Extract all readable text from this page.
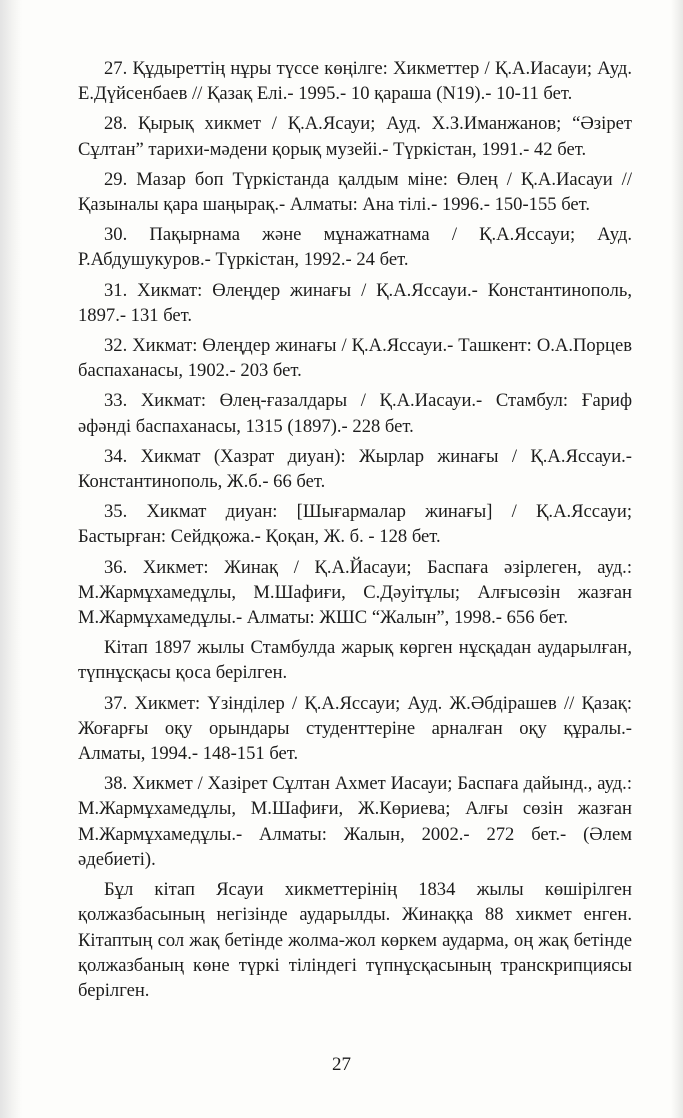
27. Құдыреттің нұры түссе көңілге: Хикметтер / Қ.А.Иасауи; Ауд. Е.Дүйсенбаев // Қазақ Елі.- 1995.- 10 қараша (N19).- 10-11 бет.

28. Қырық хикмет / Қ.А.Ясауи; Ауд. Х.З.Иманжанов; “Әзірет Сұлтан” тарихи-мәдени қорық музейі.- Түркістан, 1991.- 42 бет.

29. Мазар боп Түркістанда қалдым міне: Өлең / Қ.А.Иасауи // Қазыналы қара шаңырақ.- Алматы: Ана тілі.- 1996.- 150-155 бет.

30. Пақырнама және мұнажатнама / Қ.А.Яссауи; Ауд. Р.Абдушукуров.- Түркістан, 1992.- 24 бет.

31. Хикмат: Өлеңдер жинағы / Қ.А.Яссауи.- Константинополь, 1897.- 131 бет.

32. Хикмат: Өлеңдер жинағы / Қ.А.Яссауи.- Ташкент: О.А.Порцев баспаханасы, 1902.- 203 бет.

33. Хикмат: Өлең-ғазалдары / Қ.А.Иасауи.- Стамбул: Ғариф әфәнді баспаханасы, 1315 (1897).- 228 бет.

34. Хикмат (Хазрат диуан): Жырлар жинағы / Қ.А.Яссауи.- Константинополь, Ж.б.- 66 бет.

35. Хикмат диуан: [Шығармалар жинағы] / Қ.А.Яссауи; Бастырған: Сейдқожа.- Қоқан, Ж. б. - 128 бет.

36. Хикмет: Жинақ / Қ.А.Йасауи; Баспаға әзірлеген, ауд.: М.Жармұхамедұлы, М.Шафиғи, С.Дәуітұлы; Алғысөзін жазған М.Жармұхамедұлы.- Алматы: ЖШС “Жалын”, 1998.- 656 бет.

Кітап 1897 жылы Стамбулда жарық көрген нұсқадан аударылған, түпнұсқасы қоса берілген.

37. Хикмет: Үзінділер / Қ.А.Яссауи; Ауд. Ж.Әбдірашев // Қазақ: Жоғарғы оқу орындары студенттеріне арналған оқу құралы.- Алматы, 1994.- 148-151 бет.

38. Хикмет / Хазірет Сұлтан Ахмет Иасауи; Баспаға дайынд., ауд.: М.Жармұхамедұлы, М.Шафиғи, Ж.Көриева; Алғы сөзін жазған М.Жармұхамедұлы.- Алматы: Жалын, 2002.- 272 бет.- (Әлем әдебиеті).

Бұл кітап Ясауи хикметтерінің 1834 жылы көшірілген қолжазбасының негізінде аударылды. Жинаққа 88 хикмет енген. Кітаптың сол жақ бетінде жолма-жол көркем аударма, оң жақ бетінде қолжазбаның көне түркі тіліндегі түпнұсқасының транскрипциясы берілген.

27
